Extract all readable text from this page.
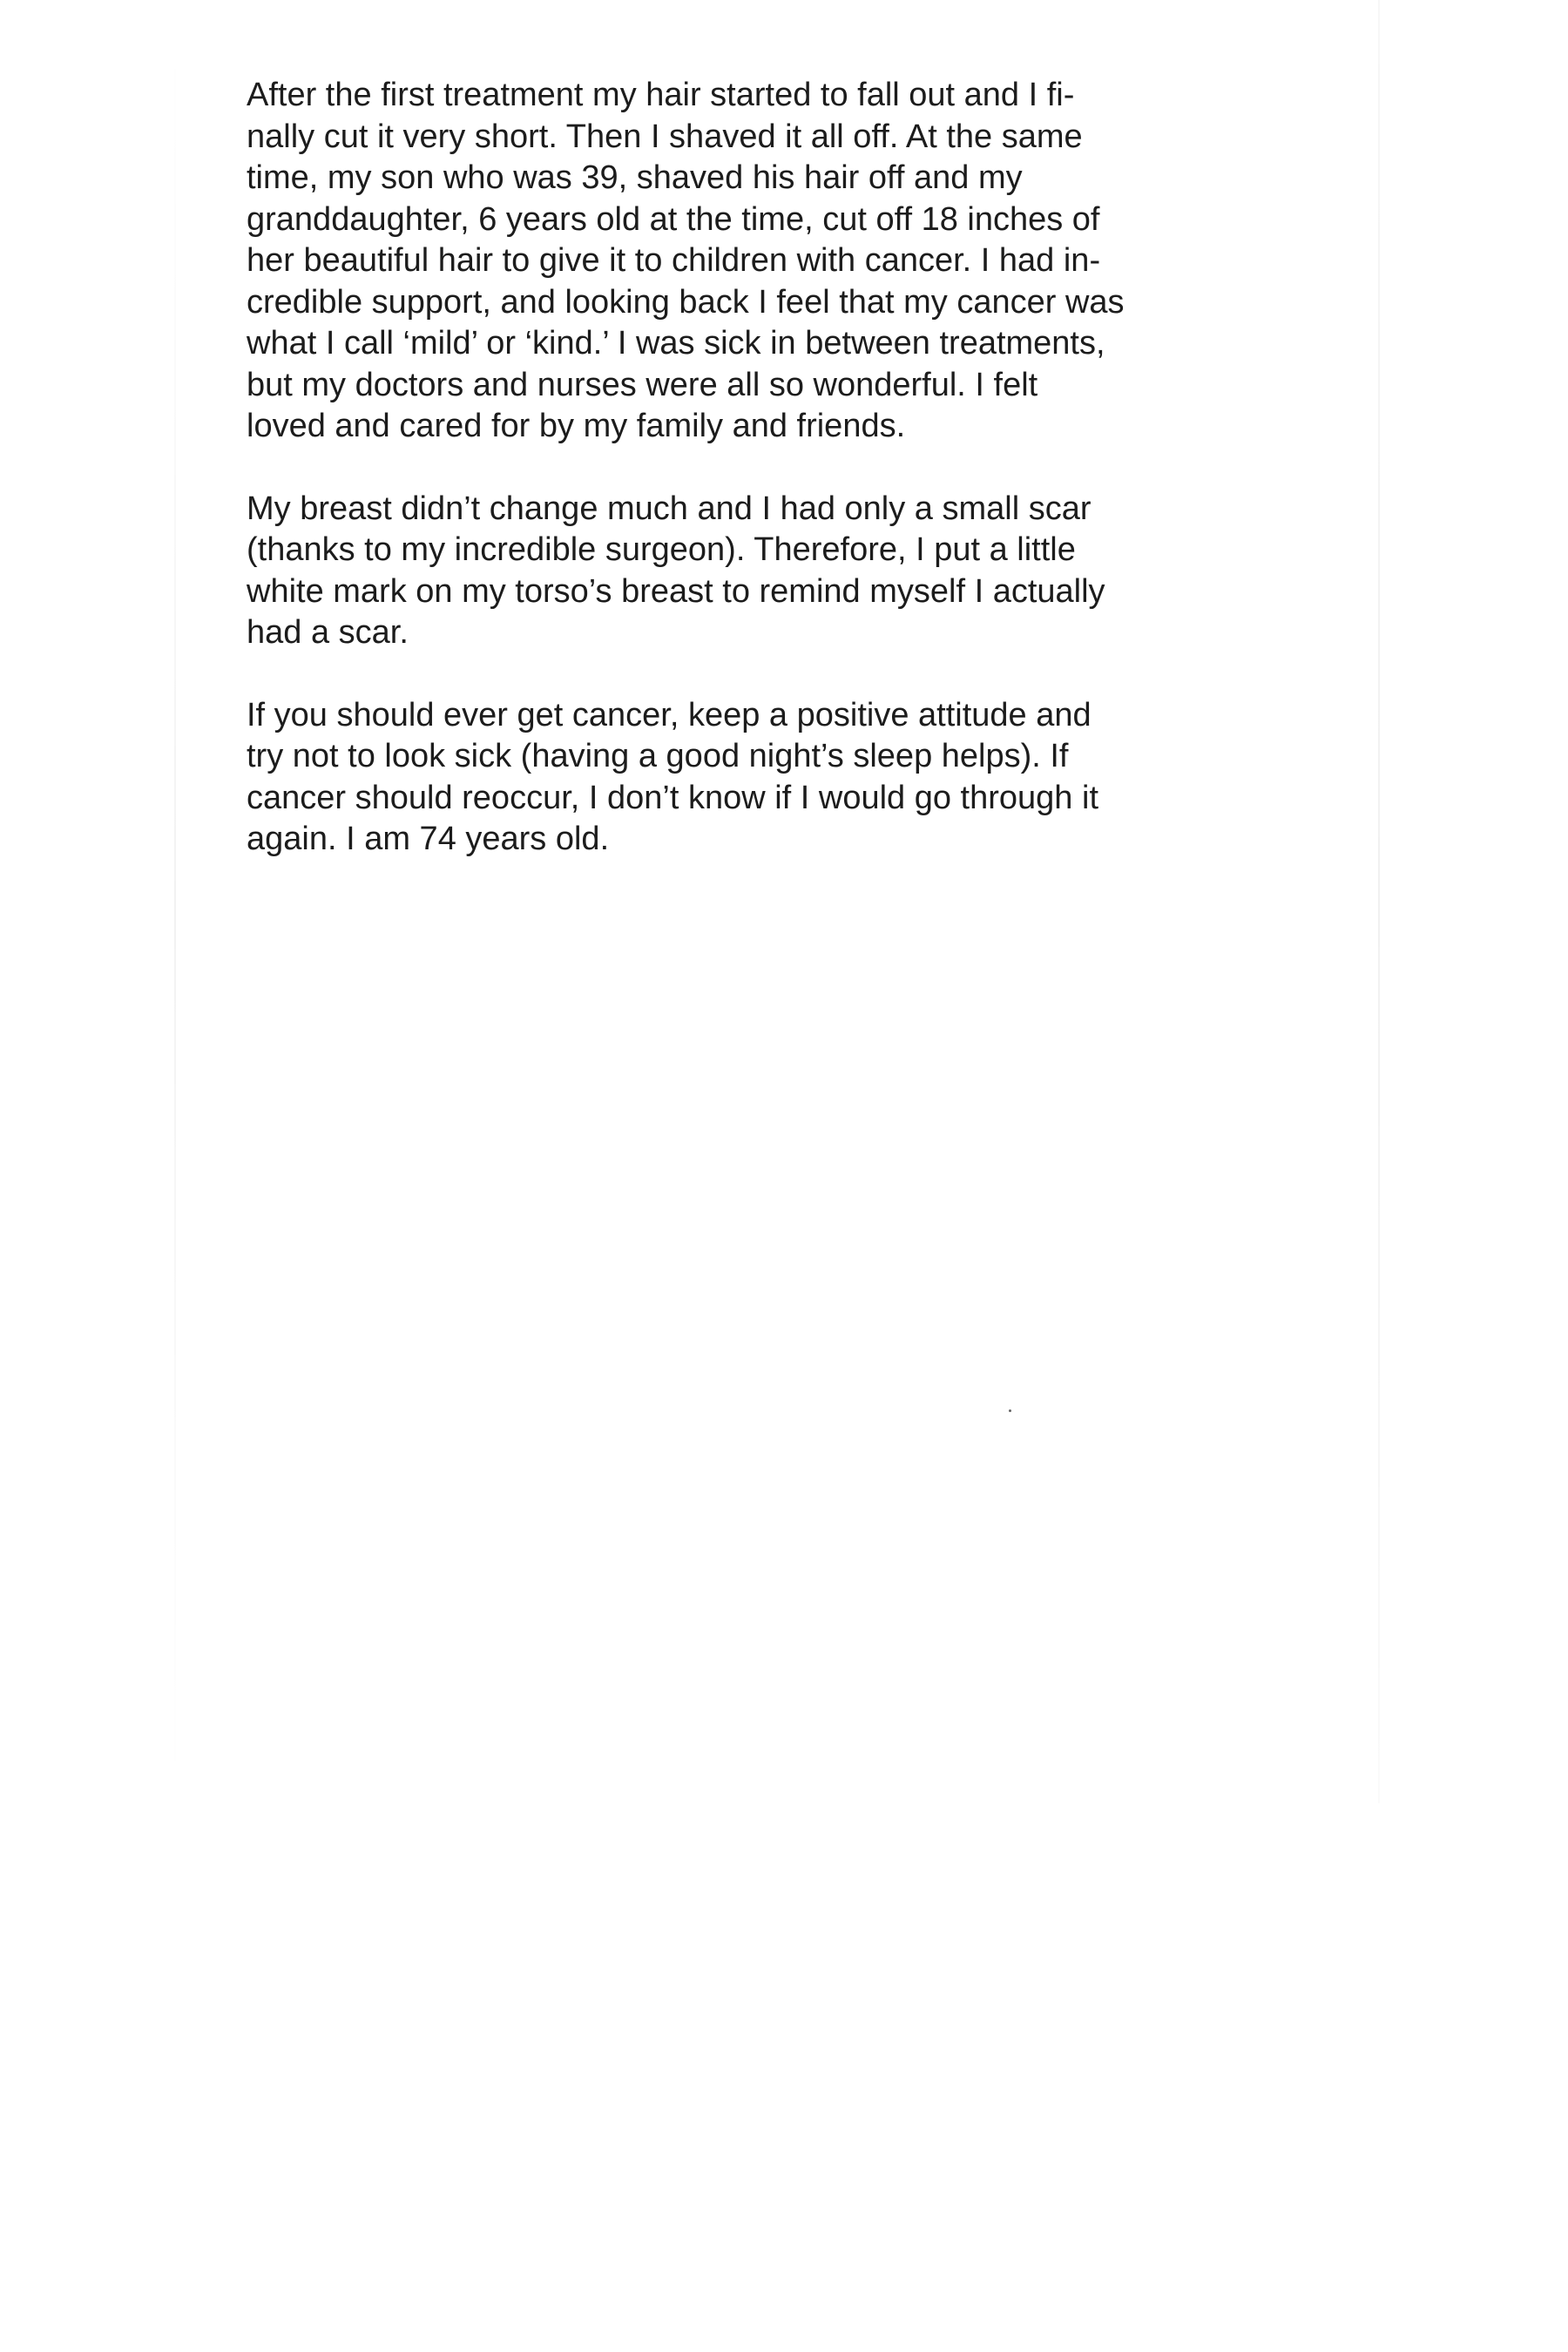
After the first treatment my hair started to fall out and I fi-
nally cut it very short. Then I shaved it all off. At the same
time, my son who was 39, shaved his hair off and my
granddaughter, 6 years old at the time, cut off 18 inches of
her beautiful hair to give it to children with cancer. I had in-
credible support, and looking back I feel that my cancer was
what I call ‘mild’ or ‘kind.’ I was sick in between treatments,
but my doctors and nurses were all so wonderful. I felt
loved and cared for by my family and friends.

My breast didn’t change much and I had only a small scar
(thanks to my incredible surgeon). Therefore, I put a little
white mark on my torso’s breast to remind myself I actually
had a scar.

If you should ever get cancer, keep a positive attitude and
try not to look sick (having a good night’s sleep helps). If
cancer should reoccur, I don’t know if I would go through it
again. I am 74 years old.
